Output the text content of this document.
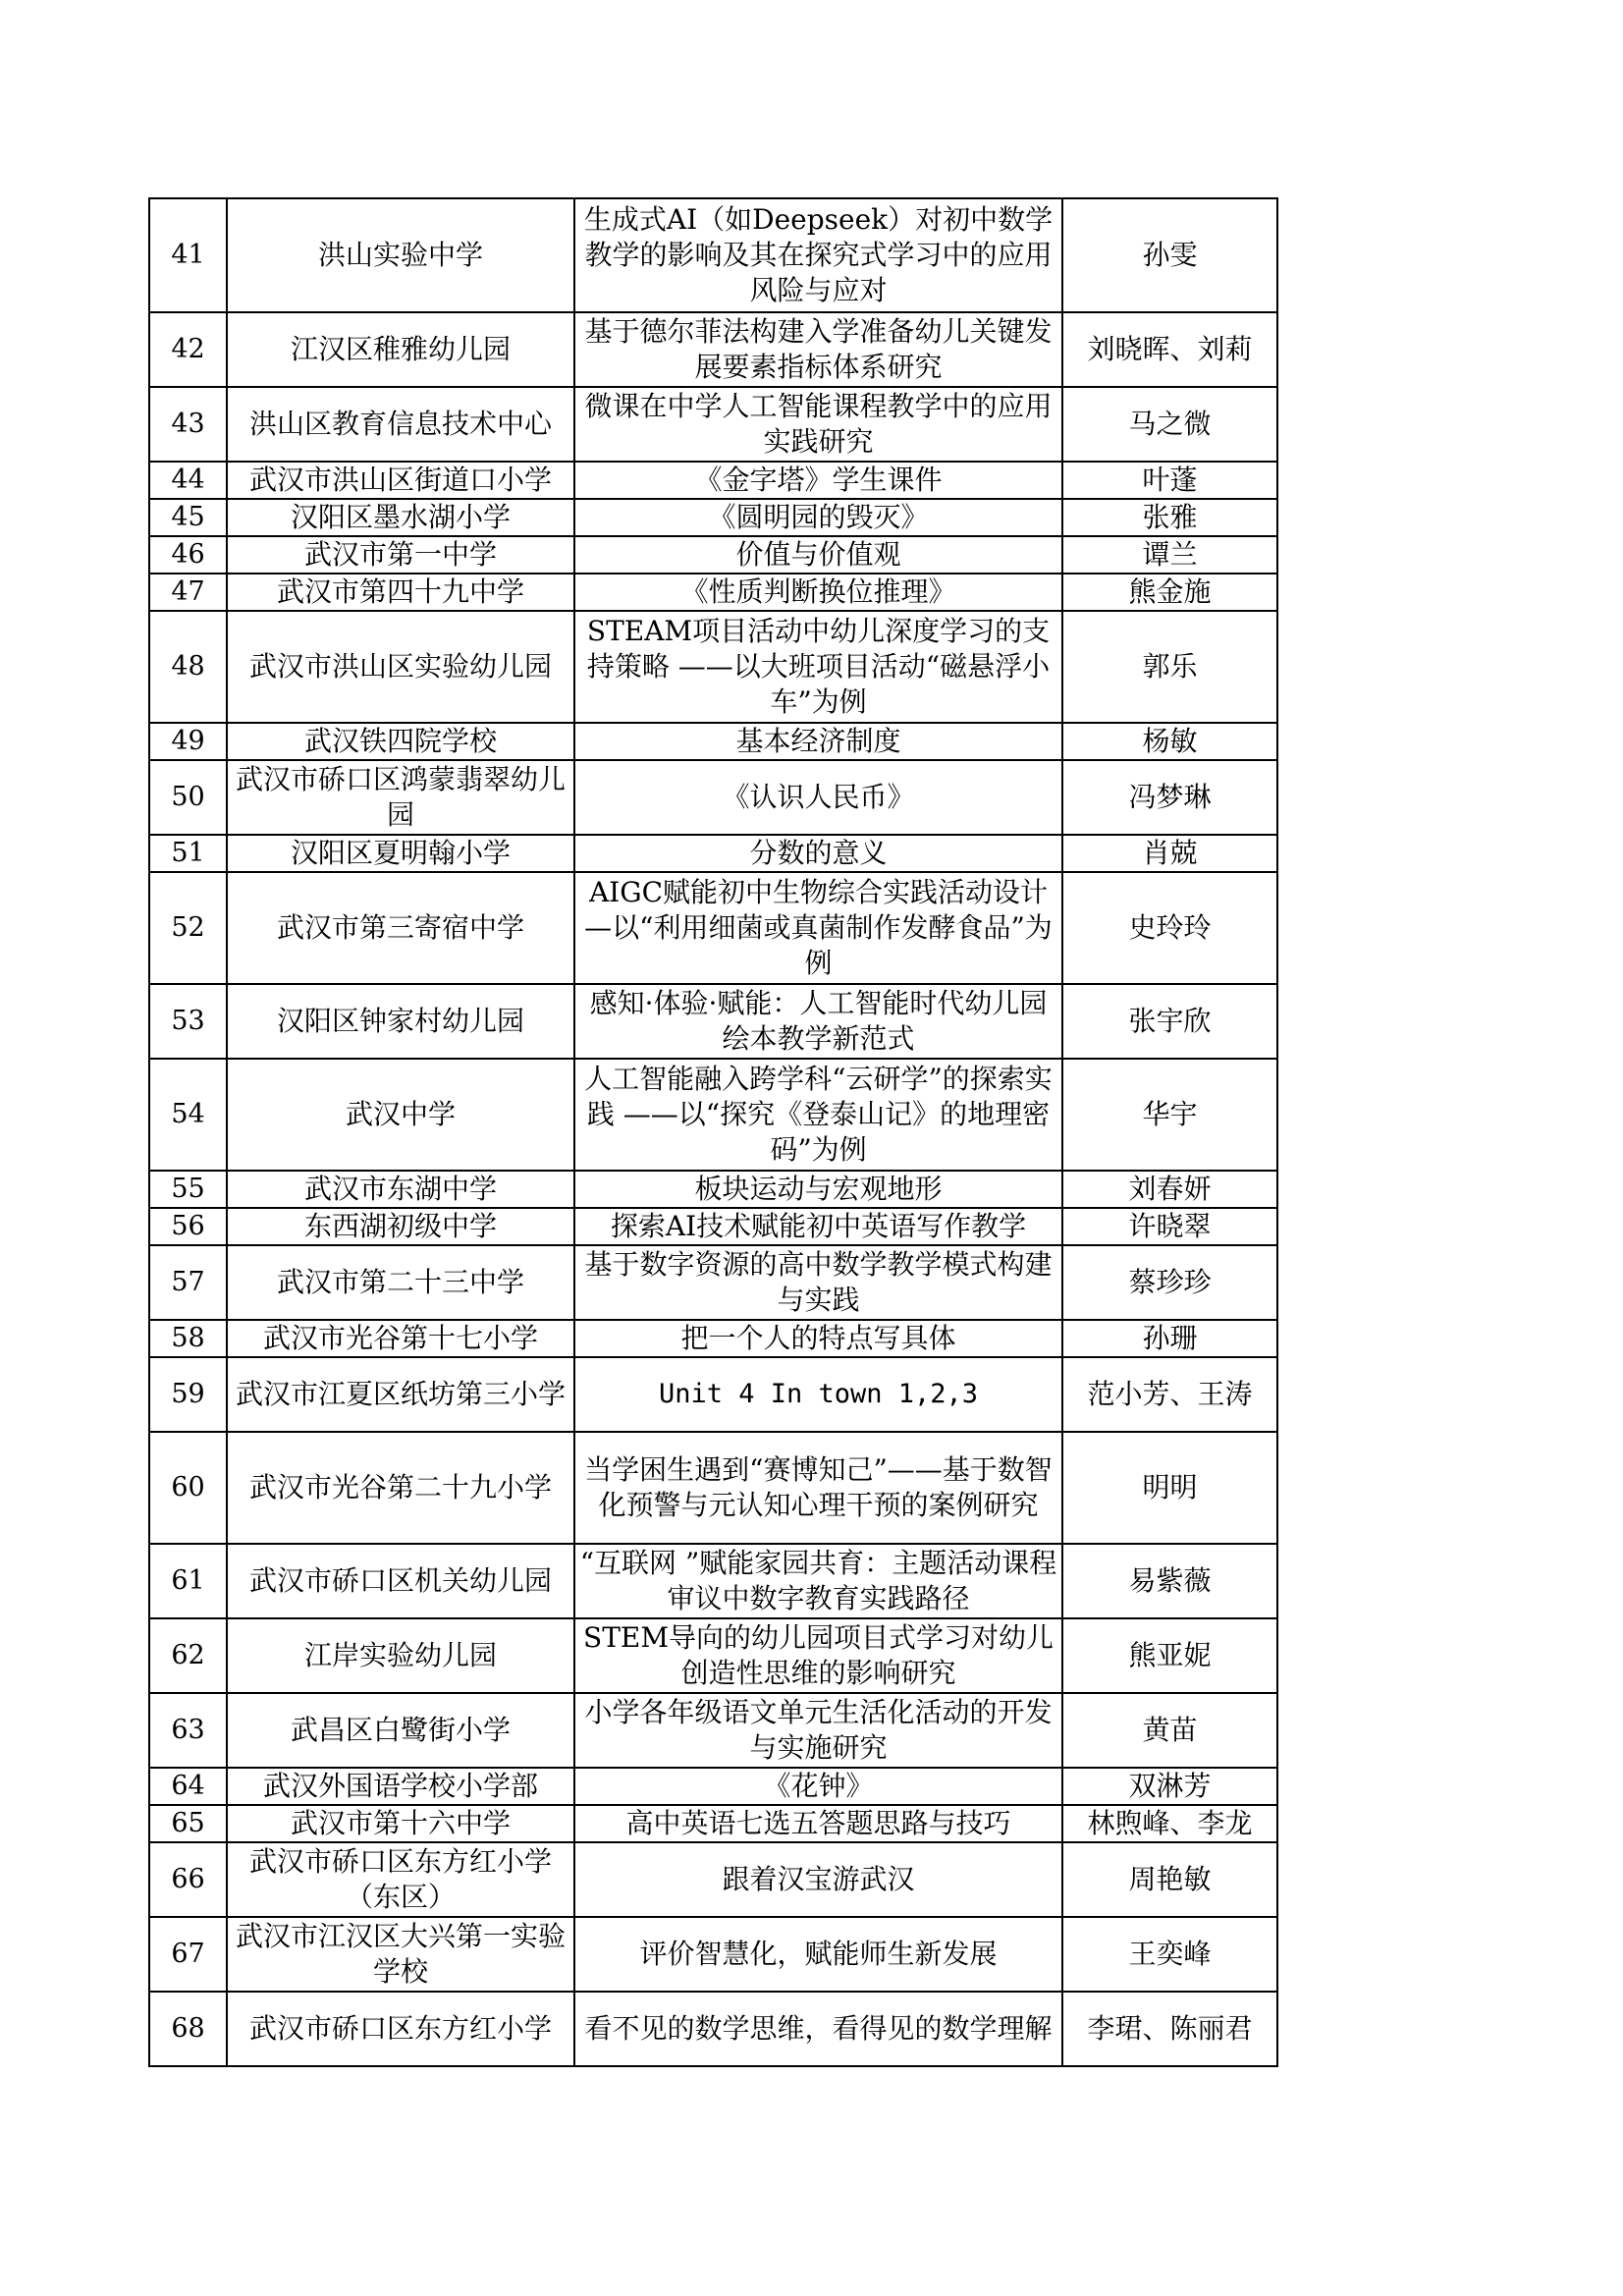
41	洪山实验中学	生成式AI（如Deepseek）对初中数学教学的影响及其在探究式学习中的应用风险与应对	孙雯
42	江汉区稚雅幼儿园	基于德尔菲法构建入学准备幼儿关键发展要素指标体系研究	刘晓晖、刘莉
43	洪山区教育信息技术中心	微课在中学人工智能课程教学中的应用实践研究	马之微
44	武汉市洪山区街道口小学	《金字塔》学生课件	叶蓬
45	汉阳区墨水湖小学	《圆明园的毁灭》	张雅
46	武汉市第一中学	价值与价值观	谭兰
47	武汉市第四十九中学	《性质判断换位推理》	熊金施
48	武汉市洪山区实验幼儿园	STEAM项目活动中幼儿深度学习的支持策略 ——以大班项目活动“磁悬浮小车”为例	郭乐
49	武汉铁四院学校	基本经济制度	杨敏
50	武汉市硚口区鸿蒙翡翠幼儿园	《认识人民币》	冯梦琳
51	汉阳区夏明翰小学	分数的意义	肖兢
52	武汉市第三寄宿中学	AIGC赋能初中生物综合实践活动设计—以“利用细菌或真菌制作发酵食品”为例	史玲玲
53	汉阳区钟家村幼儿园	感知·体验·赋能：人工智能时代幼儿园绘本教学新范式	张宇欣
54	武汉中学	人工智能融入跨学科“云研学”的探索实践 ——以“探究《登泰山记》的地理密码”为例	华宇
55	武汉市东湖中学	板块运动与宏观地形	刘春妍
56	东西湖初级中学	探索AI技术赋能初中英语写作教学	许晓翠
57	武汉市第二十三中学	基于数字资源的高中数学教学模式构建与实践	蔡珍珍
58	武汉市光谷第十七小学	把一个人的特点写具体	孙珊
59	武汉市江夏区纸坊第三小学	Unit 4 In town 1,2,3	范小芳、王涛
60	武汉市光谷第二十九小学	当学困生遇到“赛博知己”——基于数智化预警与元认知心理干预的案例研究	明明
61	武汉市硚口区机关幼儿园	“互联网 ”赋能家园共育：主题活动课程审议中数字教育实践路径	易紫薇
62	江岸实验幼儿园	STEM导向的幼儿园项目式学习对幼儿创造性思维的影响研究	熊亚妮
63	武昌区白鹭街小学	小学各年级语文单元生活化活动的开发与实施研究	黄苗
64	武汉外国语学校小学部	《花钟》	双淋芳
65	武汉市第十六中学	高中英语七选五答题思路与技巧	林煦峰、李龙
66	武汉市硚口区东方红小学（东区）	跟着汉宝游武汉	周艳敏
67	武汉市江汉区大兴第一实验学校	评价智慧化，赋能师生新发展	王奕峰
68	武汉市硚口区东方红小学	看不见的数学思维，看得见的数学理解	李珺、陈丽君
